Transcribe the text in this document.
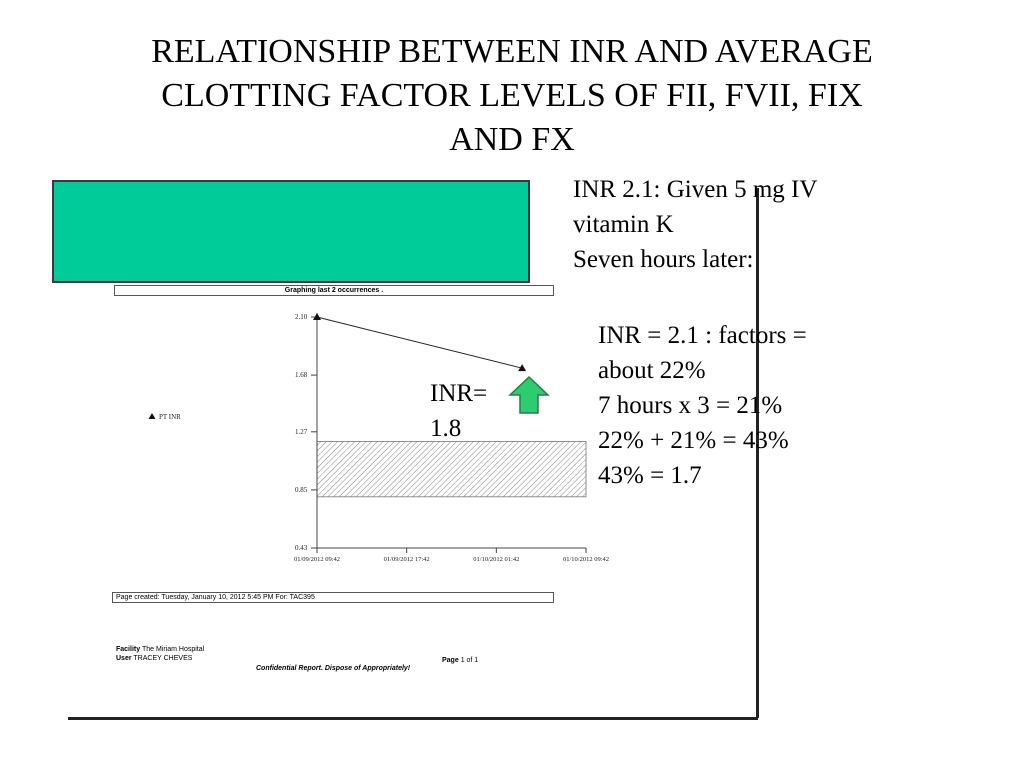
RELATIONSHIP BETWEEN INR AND AVERAGE
CLOTTING FACTOR LEVELS OF FII, FVII, FIX
AND FX
Graphing last 2 occurrences .
2.10
1.68
1.27
0.85
0.43
01/09/2012 09:42	01/09/2012 17:42	01/10/2012 01:42	01/10/2012 09:42
PT INR
Page created: Tuesday, January 10, 2012 5:45 PM For: TAC395
Facility The Miriam Hospital
User TRACEY CHEVES
Confidential Report. Dispose of Appropriately!
Page 1 of 1
INR 2.1: Given 5 mg IV
vitamin K
Seven hours later:
INR = 2.1 : factors =
about 22%
7 hours x 3 = 21%
22% + 21% = 43%
43% = 1.7
INR=
1.8
